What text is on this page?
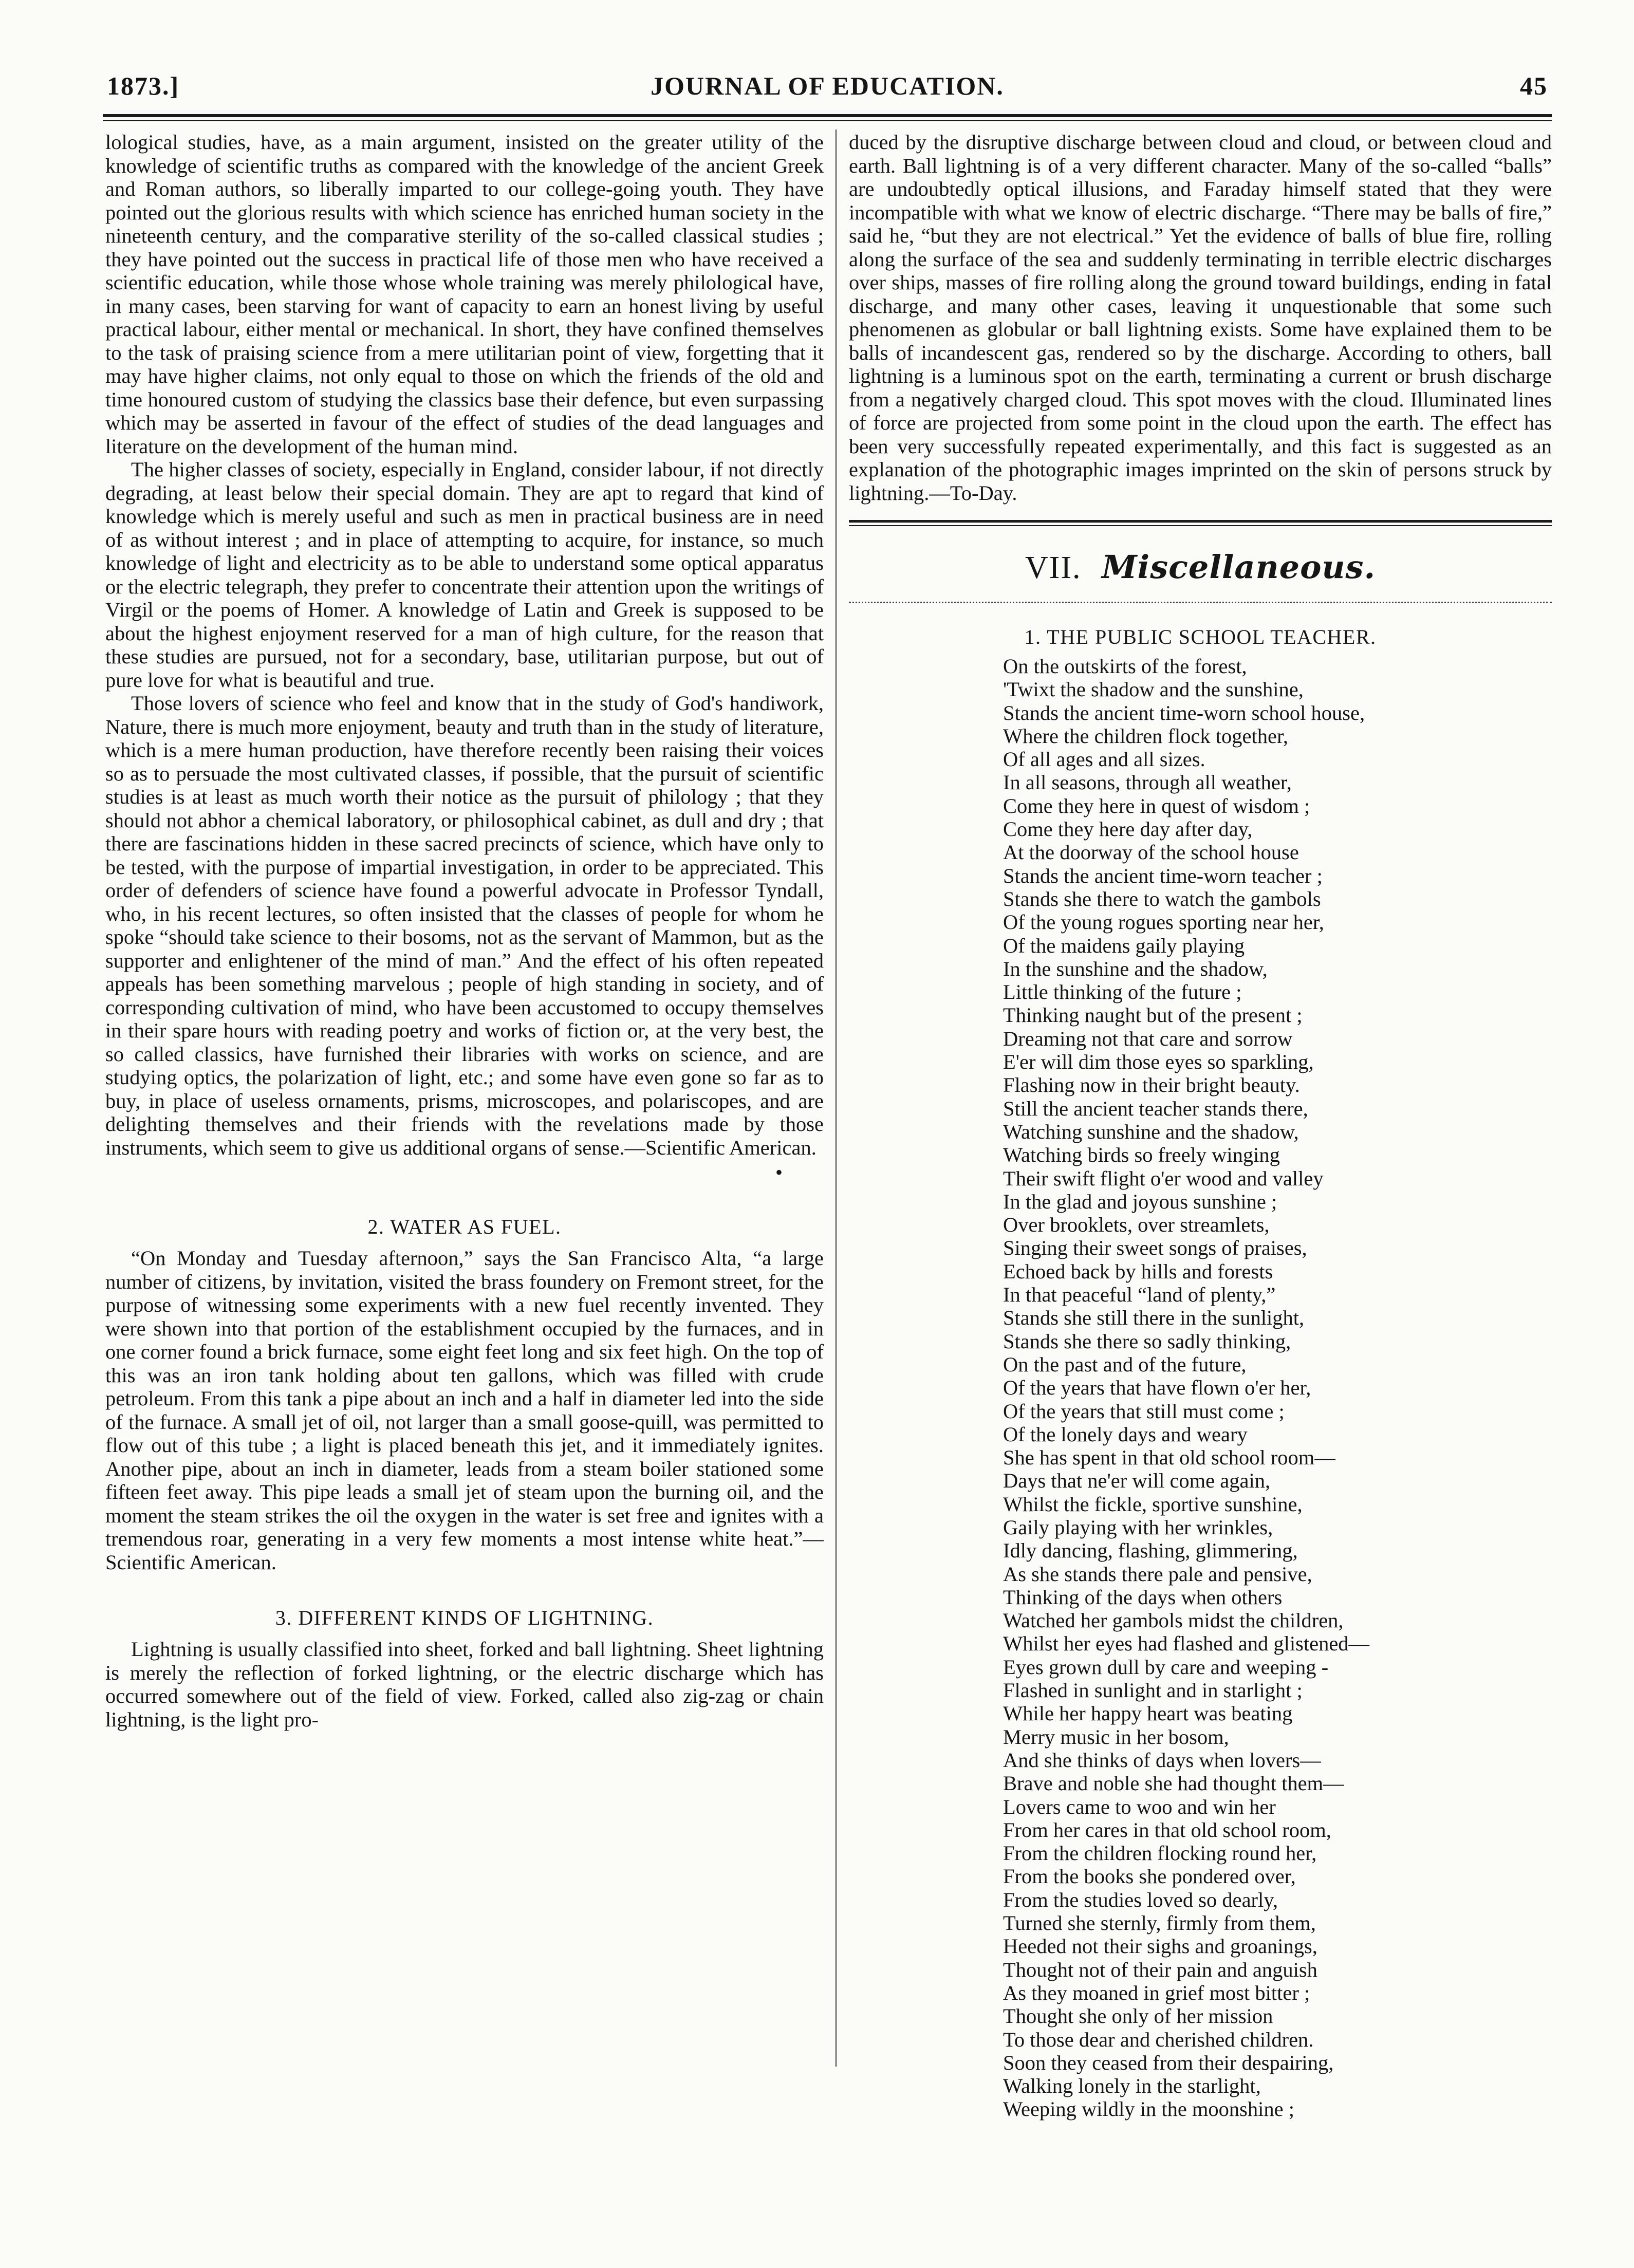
1873.]	JOURNAL OF EDUCATION.	45

lological studies, have, as a main argument, insisted on the greater utility of the knowledge of scientific truths as compared with the knowledge of the ancient Greek and Roman authors, so liberally imparted to our college-going youth. They have pointed out the glorious results with which science has enriched human society in the nineteenth century, and the comparative sterility of the so-called classical studies ; they have pointed out the success in practical life of those men who have received a scientific education, while those whose whole training was merely philological have, in many cases, been starving for want of capacity to earn an honest living by useful practical labour, either mental or mechanical. In short, they have confined themselves to the task of praising science from a mere utilitarian point of view, forgetting that it may have higher claims, not only equal to those on which the friends of the old and time honoured custom of studying the classics base their defence, but even surpassing which may be asserted in favour of the effect of studies of the dead languages and literature on the development of the human mind.

The higher classes of society, especially in England, consider labour, if not directly degrading, at least below their special domain. They are apt to regard that kind of knowledge which is merely useful and such as men in practical business are in need of as without interest ; and in place of attempting to acquire, for instance, so much knowledge of light and electricity as to be able to understand some optical apparatus or the electric telegraph, they prefer to concentrate their attention upon the writings of Virgil or the poems of Homer. A knowledge of Latin and Greek is supposed to be about the highest enjoyment reserved for a man of high culture, for the reason that these studies are pursued, not for a secondary, base, utilitarian purpose, but out of pure love for what is beautiful and true.

Those lovers of science who feel and know that in the study of God's handiwork, Nature, there is much more enjoyment, beauty and truth than in the study of literature, which is a mere human production, have therefore recently been raising their voices so as to persuade the most cultivated classes, if possible, that the pursuit of scientific studies is at least as much worth their notice as the pursuit of philology ; that they should not abhor a chemical laboratory, or philosophical cabinet, as dull and dry ; that there are fascinations hidden in these sacred precincts of science, which have only to be tested, with the purpose of impartial investigation, in order to be appreciated. This order of defenders of science have found a powerful advocate in Professor Tyndall, who, in his recent lectures, so often insisted that the classes of people for whom he spoke “should take science to their bosoms, not as the servant of Mammon, but as the supporter and enlightener of the mind of man.” And the effect of his often repeated appeals has been something marvelous ; people of high standing in society, and of corresponding cultivation of mind, who have been accustomed to occupy themselves in their spare hours with reading poetry and works of fiction or, at the very best, the so called classics, have furnished their libraries with works on science, and are studying optics, the polarization of light, etc.; and some have even gone so far as to buy, in place of useless ornaments, prisms, microscopes, and polariscopes, and are delighting themselves and their friends with the revelations made by those instruments, which seem to give us additional organs of sense.—Scientific American.

•
2. WATER AS FUEL.

“On Monday and Tuesday afternoon,” says the San Francisco Alta, “a large number of citizens, by invitation, visited the brass foundery on Fremont street, for the purpose of witnessing some experiments with a new fuel recently invented. They were shown into that portion of the establishment occupied by the furnaces, and in one corner found a brick furnace, some eight feet long and six feet high. On the top of this was an iron tank holding about ten gallons, which was filled with crude petroleum. From this tank a pipe about an inch and a half in diameter led into the side of the furnace. A small jet of oil, not larger than a small goose-quill, was permitted to flow out of this tube ; a light is placed beneath this jet, and it immediately ignites. Another pipe, about an inch in diameter, leads from a steam boiler stationed some fifteen feet away. This pipe leads a small jet of steam upon the burning oil, and the moment the steam strikes the oil the oxygen in the water is set free and ignites with a tremendous roar, generating in a very few moments a most intense white heat.”—Scientific American.

3. DIFFERENT KINDS OF LIGHTNING.

Lightning is usually classified into sheet, forked and ball lightning. Sheet lightning is merely the reflection of forked lightning, or the electric discharge which has occurred somewhere out of the field of view. Forked, called also zig-zag or chain lightning, is the light pro-

duced by the disruptive discharge between cloud and cloud, or between cloud and earth. Ball lightning is of a very different character. Many of the so-called “balls” are undoubtedly optical illusions, and Faraday himself stated that they were incompatible with what we know of electric discharge. “There may be balls of fire,” said he, “but they are not electrical.” Yet the evidence of balls of blue fire, rolling along the surface of the sea and suddenly terminating in terrible electric discharges over ships, masses of fire rolling along the ground toward buildings, ending in fatal discharge, and many other cases, leaving it unquestionable that some such phenomenen as globular or ball lightning exists. Some have explained them to be balls of incandescent gas, rendered so by the discharge. According to others, ball lightning is a luminous spot on the earth, terminating a current or brush discharge from a negatively charged cloud. This spot moves with the cloud. Illuminated lines of force are projected from some point in the cloud upon the earth. The effect has been very successfully repeated experimentally, and this fact is suggested as an explanation of the photographic images imprinted on the skin of persons struck by lightning.—To-Day.

VII. Miscellaneous.
1. THE PUBLIC SCHOOL TEACHER.
On the outskirts of the forest,
'Twixt the shadow and the sunshine,
Stands the ancient time-worn school house,
Where the children flock together,
Of all ages and all sizes.
In all seasons, through all weather,
Come they here in quest of wisdom ;
Come they here day after day,
At the doorway of the school house
Stands the ancient time-worn teacher ;
Stands she there to watch the gambols
Of the young rogues sporting near her,
Of the maidens gaily playing
In the sunshine and the shadow,
Little thinking of the future ;
Thinking naught but of the present ;
Dreaming not that care and sorrow
E'er will dim those eyes so sparkling,
Flashing now in their bright beauty.
Still the ancient teacher stands there,
Watching sunshine and the shadow,
Watching birds so freely winging
Their swift flight o'er wood and valley
In the glad and joyous sunshine ;
Over brooklets, over streamlets,
Singing their sweet songs of praises,
Echoed back by hills and forests
In that peaceful “land of plenty,”
Stands she still there in the sunlight,
Stands she there so sadly thinking,
On the past and of the future,
Of the years that have flown o'er her,
Of the years that still must come ;
Of the lonely days and weary
She has spent in that old school room—
Days that ne'er will come again,
Whilst the fickle, sportive sunshine,
Gaily playing with her wrinkles,
Idly dancing, flashing, glimmering,
As she stands there pale and pensive,
Thinking of the days when others
Watched her gambols midst the children,
Whilst her eyes had flashed and glistened—
Eyes grown dull by care and weeping -
Flashed in sunlight and in starlight ;
While her happy heart was beating
Merry music in her bosom,
And she thinks of days when lovers—
Brave and noble she had thought them—
Lovers came to woo and win her
From her cares in that old school room,
From the children flocking round her,
From the books she pondered over,
From the studies loved so dearly,
Turned she sternly, firmly from them,
Heeded not their sighs and groanings,
Thought not of their pain and anguish
As they moaned in grief most bitter ;
Thought she only of her mission
To those dear and cherished children.
Soon they ceased from their despairing,
Walking lonely in the starlight,
Weeping wildly in the moonshine ;
